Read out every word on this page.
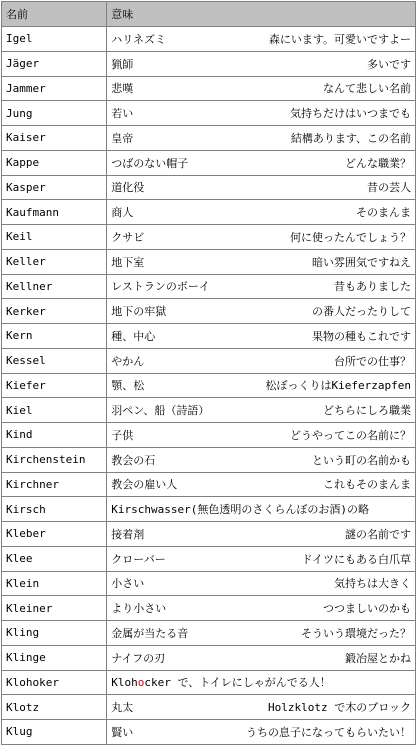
名前	意味
Igel	ハリネズミ 森にいます。可愛いですよー

Jäger	猟師 多いです

Jammer	悲嘆 なんて悲しい名前

Jung	若い 気持ちだけはいつまでも

Kaiser	皇帝 結構あります、この名前

Kappe	つばのない帽子 どんな職業？

Kasper	道化役 昔の芸人

Kaufmann	商人 そのまんま

Keil	クサビ 何に使ったんでしょう？

Keller	地下室 暗い雰囲気ですねえ

Kellner	レストランのボーイ 昔もありました

Kerker	地下の牢獄 の番人だったりして

Kern	種、中心 果物の種もこれです

Kessel	やかん 台所での仕事？

Kiefer	顎、松 松ぼっくりはKieferzapfen

Kiel	羽ペン、船（詩語） どちらにしろ職業

Kind	子供 どうやってこの名前に？

Kirchenstein	教会の石 という町の名前かも

Kirchner	教会の雇い人 これもそのまんま

Kirsch	Kirschwasser(無色透明のさくらんぼのお酒)の略

Kleber	接着剤 謎の名前です

Klee	クローバー ドイツにもある白爪草

Klein	小さい 気持ちは大きく

Kleiner	より小さい つつましいのかも

Kling	金属が当たる音 そういう環境だった？

Klinge	ナイフの刃 鍛冶屋とかね

Klohoker	Klohocker で、トイレにしゃがんでる人！
Klotz	丸太 Holzklotz で木のブロック

Klug	賢い うちの息子になってもらいたい！
